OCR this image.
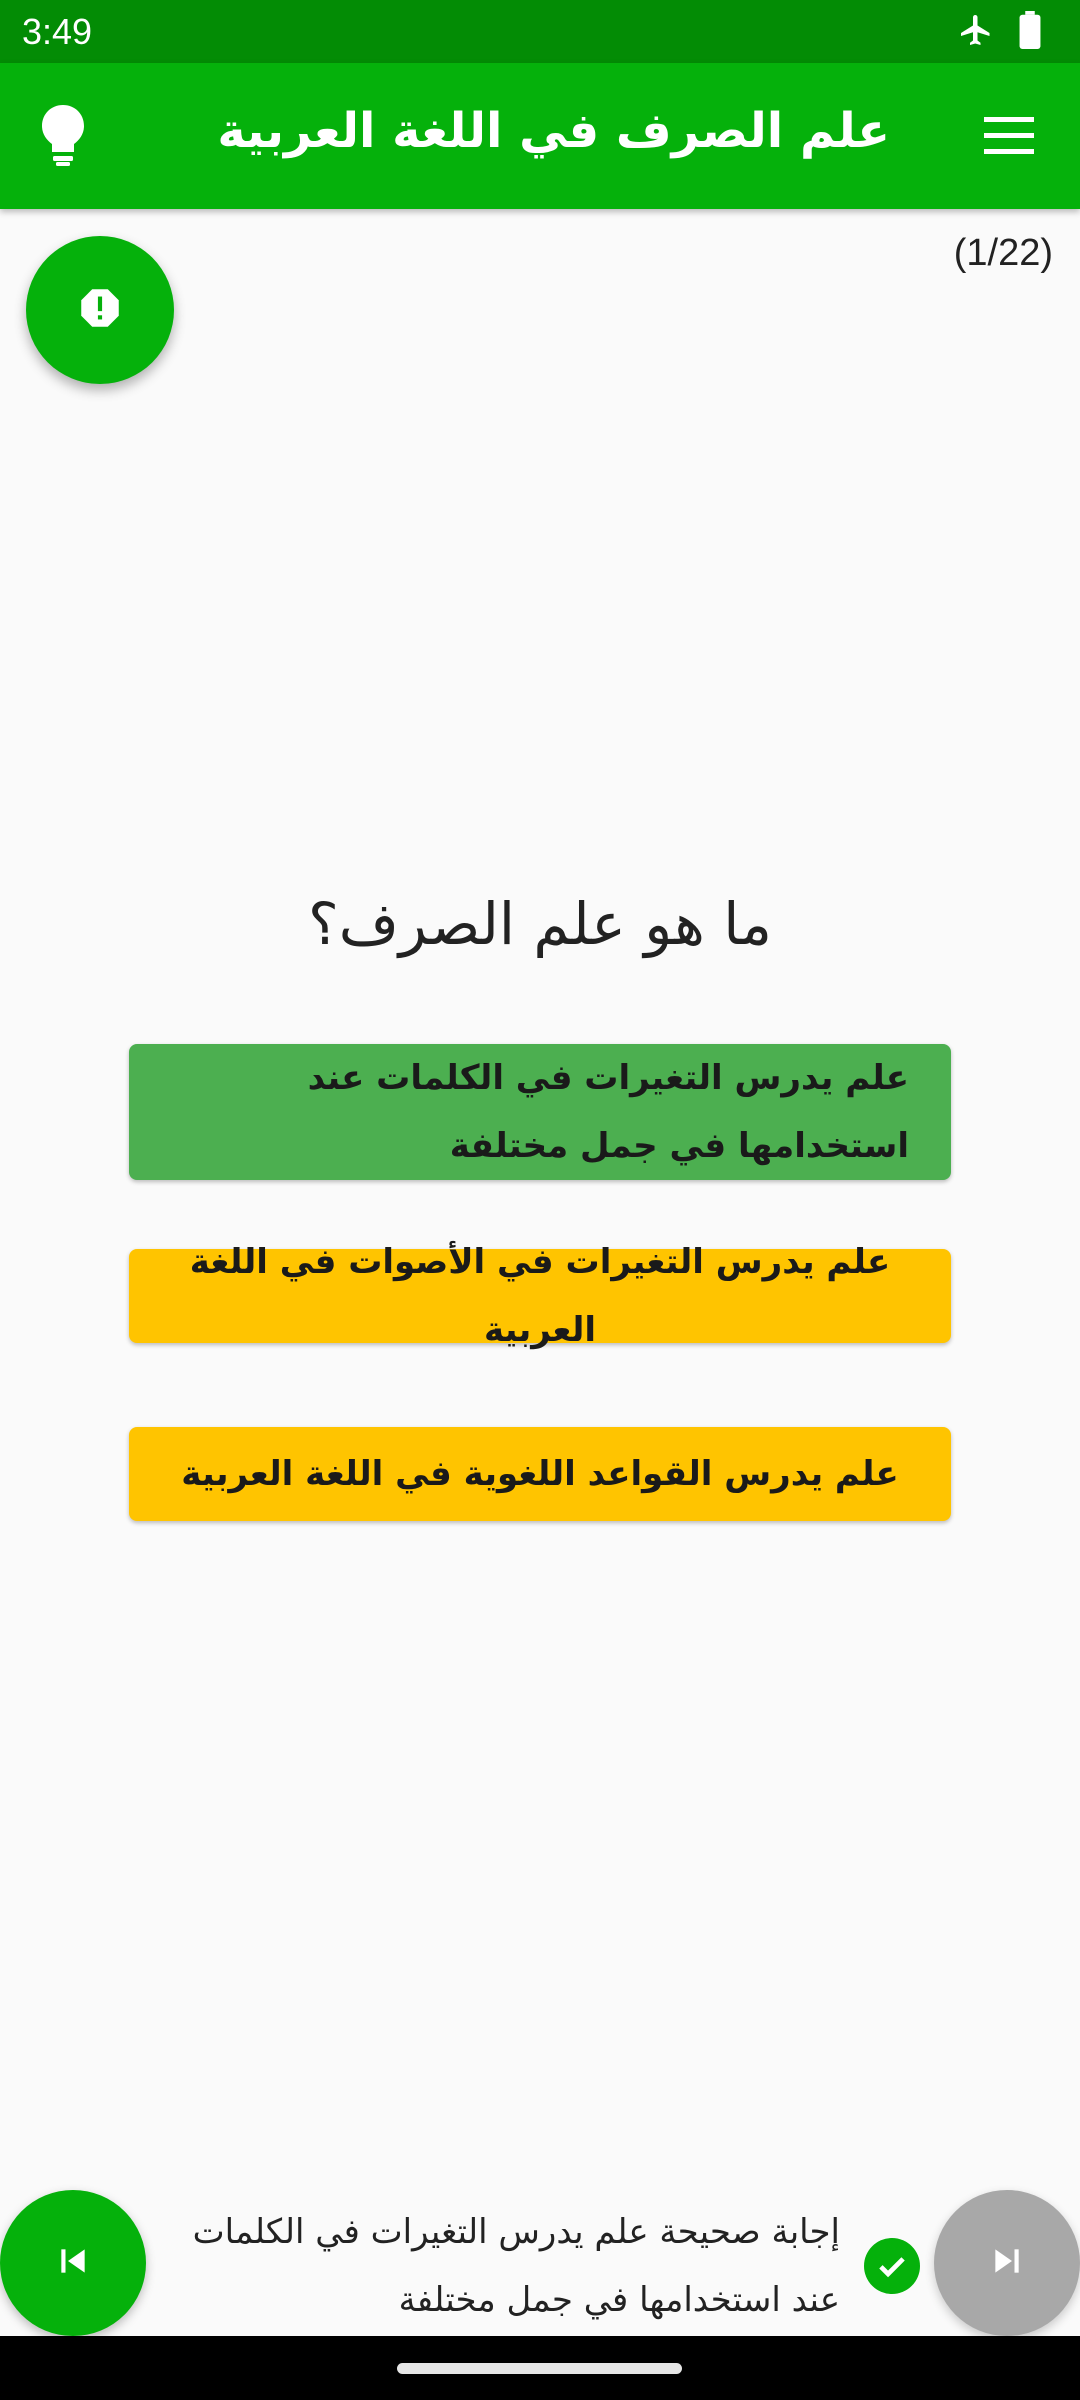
3:49
علم الصرف في اللغة العربية
(1/22)
ما هو علم الصرف؟
علم يدرس التغيرات في الكلمات عند استخدامها في جمل مختلفة
علم يدرس التغيرات في الأصوات في اللغة العربية
علم يدرس القواعد اللغوية في اللغة العربية
إجابة صحيحة علم يدرس التغيرات في الكلمات عند استخدامها في جمل مختلفة
